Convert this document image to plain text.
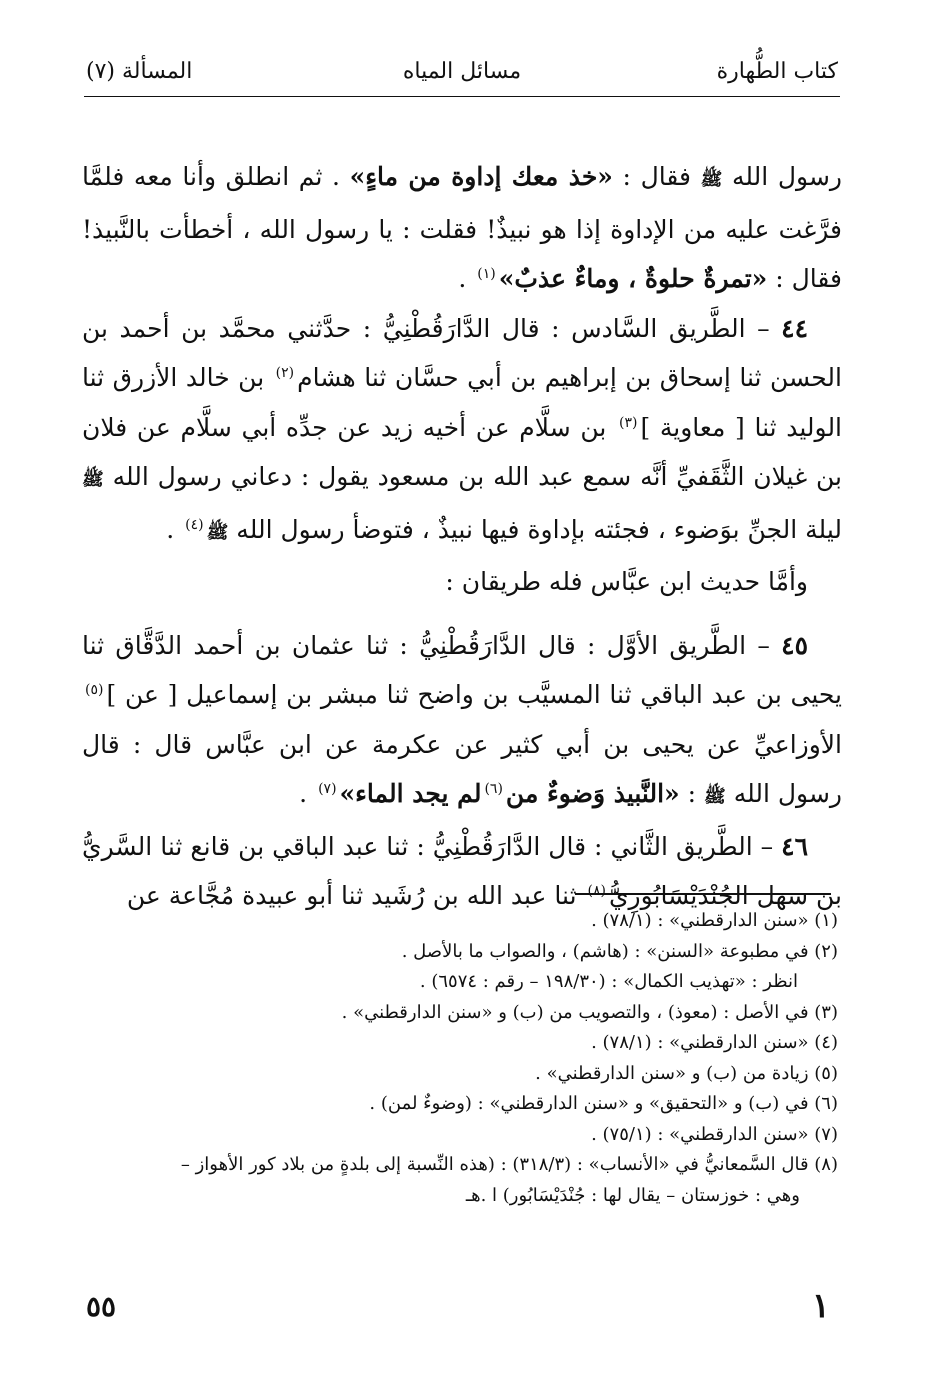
كتاب الطُّهارة
مسائل المياه
المسألة (٧)

رسول الله ﷺ فقال : «خذ معك إداوة من ماءٍ» . ثم انطلق وأنا معه فلمَّا فرَّغت عليه من الإداوة إذا هو نبيذٌ! فقلت : يا رسول الله ، أخطأت بالنَّبيذ! فقال : «تمرةٌ حلوةٌ ، وماءٌ عذبٌ»$^{(١)}$ .

٤٤ – الطَّريق السَّادس : قال الدَّارَقُطْنِيُّ : حدَّثني محمَّد بن أحمد بن الحسن ثنا إسحاق بن إبراهيم بن أبي حسَّان ثنا هشام$^{(٢)}$ بن خالد الأزرق ثنا الوليد ثنا [ معاوية ]$^{(٣)}$ بن سلَّام عن أخيه زيد عن جدِّه أبي سلَّام عن فلان بن غيلان الثَّقَفيِّ أنَّه سمع عبد الله بن مسعود يقول : دعاني رسول الله ﷺ ليلة الجنِّ بوَضوء ، فجئته بإداوة فيها نبيذٌ ، فتوضأ رسول الله ﷺ$^{(٤)}$ .

وأمَّا حديث ابن عبَّاس فله طريقان :

٤٥ – الطَّريق الأوَّل : قال الدَّارَقُطْنِيُّ : ثنا عثمان بن أحمد الدَّقَّاق ثنا يحيى بن عبد الباقي ثنا المسيَّب بن واضح ثنا مبشر بن إسماعيل [ عن ]$^{(٥)}$ الأوزاعيِّ عن يحيى بن أبي كثير عن عكرمة عن ابن عبَّاس قال : قال رسول الله ﷺ : «النَّبيذ وَضوءٌ من$^{(٦)}$لم يجد الماء»$^{(٧)}$ .

٤٦ – الطَّريق الثَّاني : قال الدَّارَقُطْنِيُّ : ثنا عبد الباقي بن قانع ثنا السَّريُّ بن سهل الجُنْدَيْسَابُورِيُّ$^{(٨)}$ ثنا عبد الله بن رُشَيد ثنا أبو عبيدة مُجَّاعة عن

(١) «سنن الدارقطني» : (٧٨/١) .

(٢) في مطبوعة «السنن» : (هاشم) ، والصواب ما بالأصل .

انظر : «تهذيب الكمال» : (١٩٨/٣٠ – رقم : ٦٥٧٤) .

(٣) في الأصل : (معوذ) ، والتصويب من (ب) و «سنن الدارقطني» .

(٤) «سنن الدارقطني» : (٧٨/١) .

(٥) زيادة من (ب) و «سنن الدارقطني» .

(٦) في (ب) و «التحقيق» و «سنن الدارقطني» : (وضوءٌ لمن) .

(٧) «سنن الدارقطني» : (٧٥/١) .

(٨) قال السَّمعانيُّ في «الأنساب» : (٣١٨/٣) : (هذه النِّسبة إلى بلدةٍ من بلاد كور الأهواز –

وهي : خوزستان – يقال لها : جُنْدَيْسَابُور) ا .هـ

٥٥	١
